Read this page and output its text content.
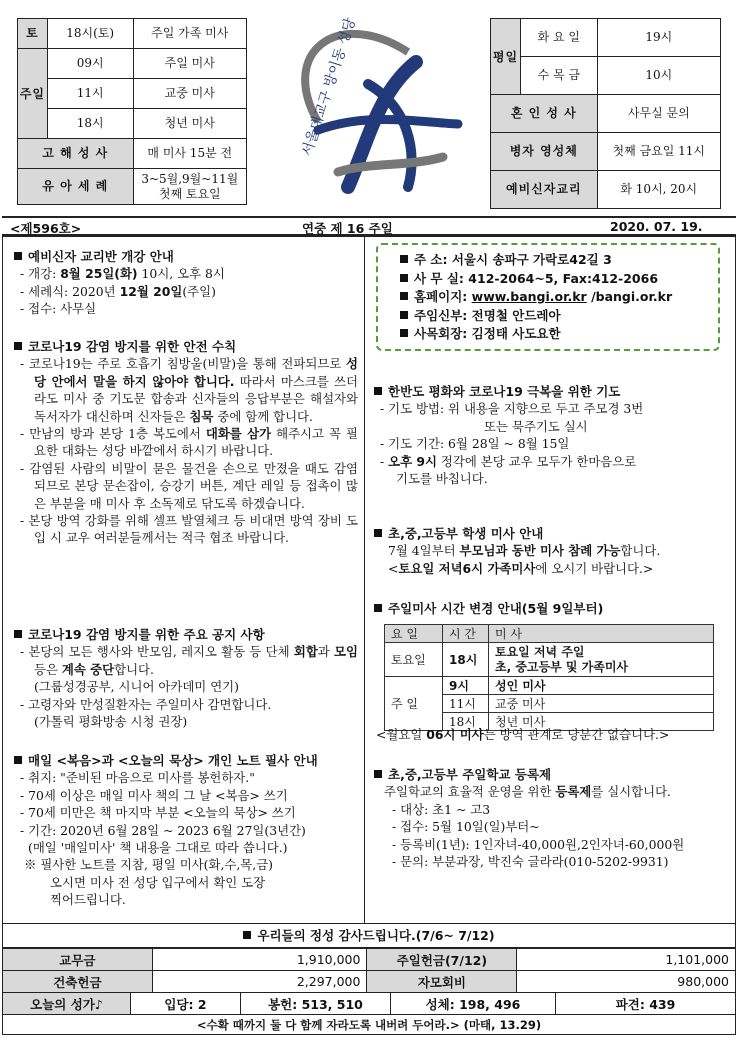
토	18시(토)	주일 가족 미사
주일	09시	주일 미사
	11시	교중 미사
	18시	청년 미사
고 해 성 사		매 미사 15분 전
유 아 세 례		3~5월,9월~11월
첫째 토요일
서울대교구 방이동 성당	평일	화 요 일	19시
	수 목 금	10시
혼 인 성 사		사무실 문의
병자 영성체		첫째 금요일 11시
예비신자교리		화 10시, 20시
<제596호>	연중 제 16 주일	2020. 07. 19.
예비신자 교리반 개강 안내
- 개강: 8월 25일(화) 10시, 오후 8시
- 세례식: 2020년 12월 20일(주일)
- 접수: 사무실
코로나19 감염 방지를 위한 안전 수칙
- 코로나19는 주로 호흡기 침방울(비말)을 통해 전파되므로 성당 안에서 말을 하지 않아야 합니다. 따라서 마스크를 쓰더라도 미사 중 기도문 합송과 신자들의 응답부분은 해설자와 독서자가 대신하며 신자들은 침묵 중에 함께 합니다.
- 만남의 방과 본당 1층 복도에서 대화를 삼가 해주시고 꼭 필요한 대화는 성당 바깥에서 하시기 바랍니다.
- 감염된 사람의 비말이 묻은 물건을 손으로 만졌을 때도 감염되므로 본당 문손잡이, 승강기 버튼, 계단 레일 등 접촉이 많은 부분을 매 미사 후 소독제로 닦도록 하겠습니다.
- 본당 방역 강화를 위해 셀프 발열체크 등 비대면 방역 장비 도입 시 교우 여러분들께서는 적극 협조 바랍니다.
코로나19 감염 방지를 위한 주요 공지 사항
- 본당의 모든 행사와 반모임, 레지오 활동 등 단체 회합과 모임 등은 계속 중단합니다.
(그룹성경공부, 시니어 아카데미 연기)
- 고령자와 만성질환자는 주일미사 감면합니다.
(가톨릭 평화방송 시청 권장)
매일 <복음>과 <오늘의 묵상> 개인 노트 필사 안내
- 취지: "준비된 마음으로 미사를 봉헌하자."
- 70세 이상은 매일 미사 책의 그 날 <복음> 쓰기
- 70세 미만은 책 마지막 부분 <오늘의 묵상> 쓰기
- 기간: 2020년 6월 28일 ~ 2023 6월 27일(3년간)
(매일 '매일미사' 책 내용을 그대로 따라 씁니다.)
※ 필사한 노트를 지참, 평일 미사(화,수,목,금)
오시면 미사 전 성당 입구에서 확인 도장
찍어드립니다.
주 소: 서울시 송파구 가락로42길 3
사 무 실: 412-2064~5, Fax:412-2066
홈페이지: www.bangi.or.kr /bangi.or.kr
주임신부: 전명철 안드레아
사목회장: 김정태 사도요한
한반도 평화와 코로나19 극복을 위한 기도
- 기도 방법: 위 내용을 지향으로 두고 주모경 3번
또는 묵주기도 실시
- 기도 기간: 6월 28일 ~ 8월 15일
- 오후 9시 정각에 본당 교우 모두가 한마음으로
기도를 바칩니다.
초,중,고등부 학생 미사 안내
7월 4일부터 부모님과 동반 미사 참례 가능합니다.
<토요일 저녁6시 가족미사에 오시기 바랍니다.>
주일미사 시간 변경 안내(5월 9일부터)
요 일	시 간	미 사
토요일	18시	토요일 저녁 주일
초, 중고등부 및 가족미사

주 일	9시	성인 미사
	11시	교중 미사
	18시	청년 미사
<월요일 06시 미사는 방역 관계로 당분간 없습니다.>
초,중,고등부 주일학교 등록제
주일학교의 효율적 운영을 위한 등록제를 실시합니다.
- 대상: 초1 ~ 고3
- 접수: 5월 10일(일)부터~
- 등록비(1년): 1인자녀-40,000원,2인자녀-60,000원
- 문의: 부분과장, 박진숙 글라라(010-5202-9931)
우리들의 정성 감사드립니다.(7/6~ 7/12)
교무금	1,910,000	주일헌금(7/12)	1,101,000
건축헌금	2,297,000	자모회비	980,000
오늘의 성가♪	입당: 2	봉헌: 513, 510	성체: 198, 496	파견: 439
<수확 때까지 둘 다 함께 자라도록 내버려 두어라.> (마태, 13.29)
